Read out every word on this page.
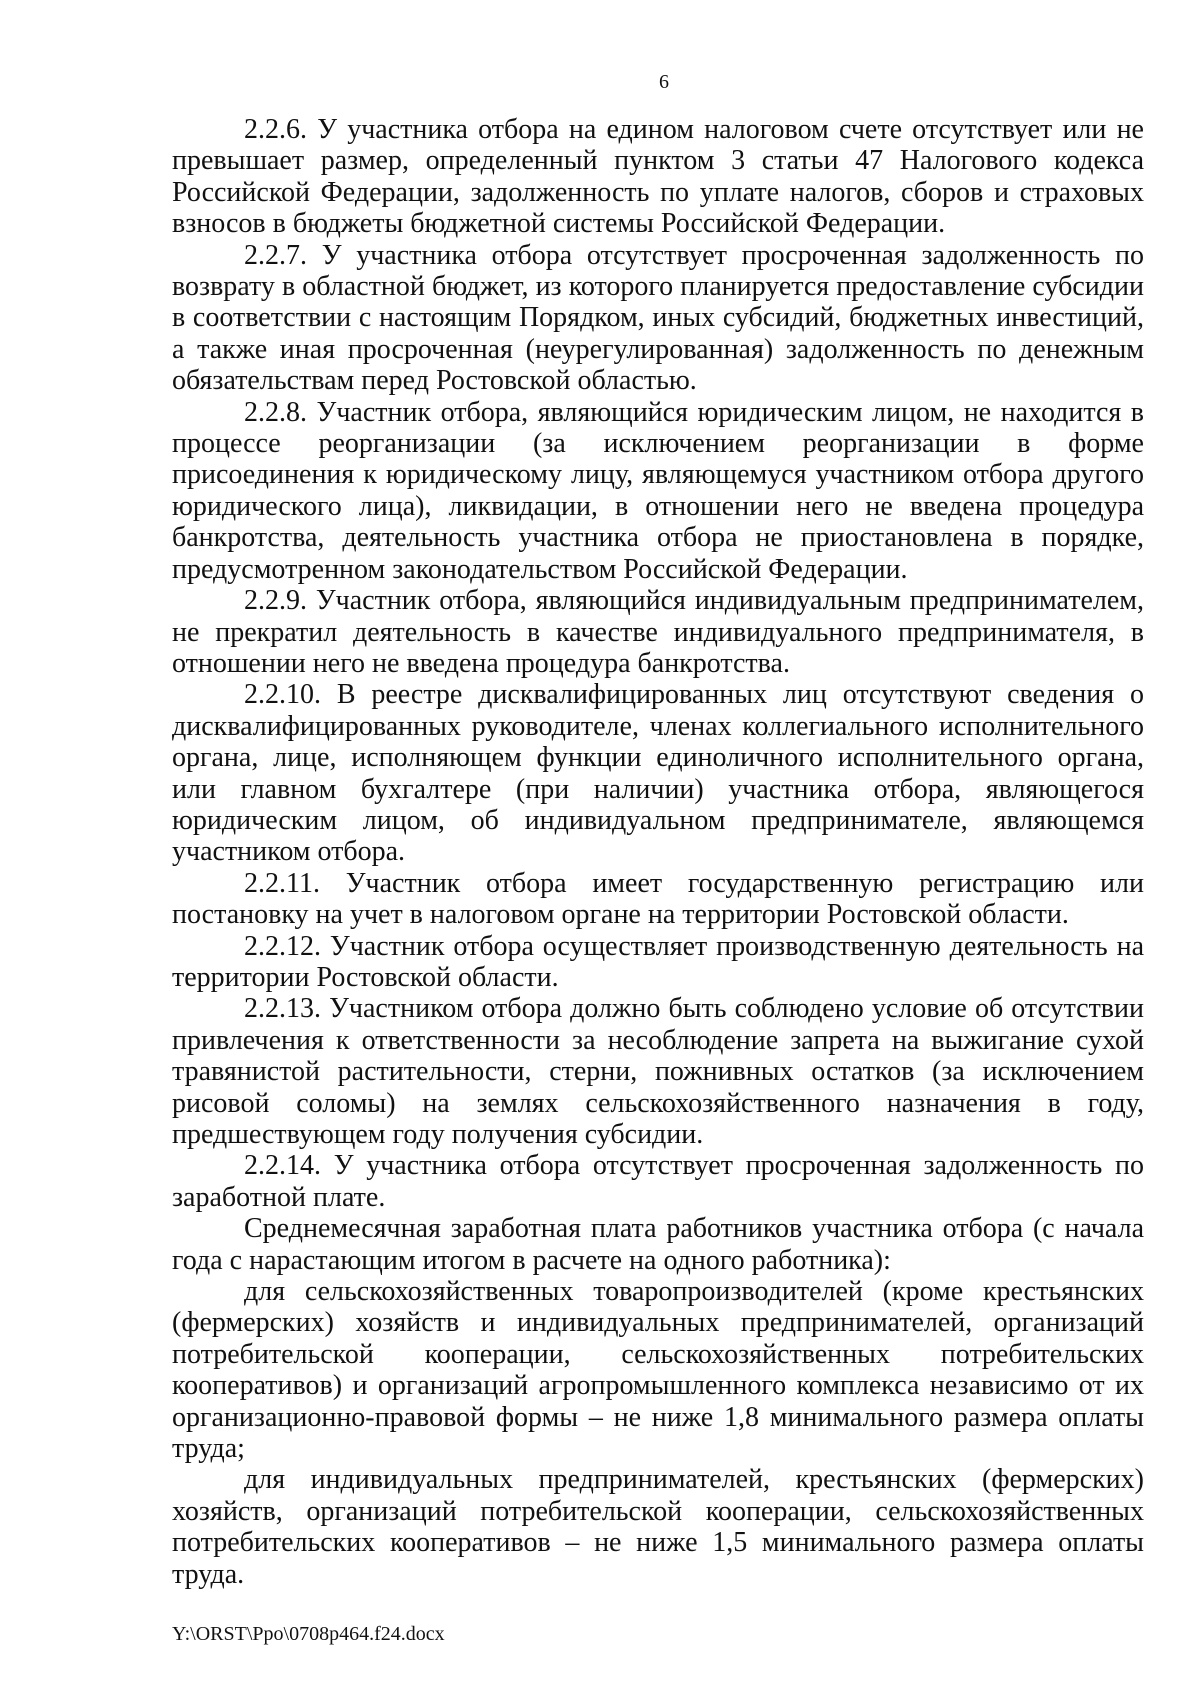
6

2.2.6. У участника отбора на едином налоговом счете отсутствует или не превышает размер, определенный пунктом 3 статьи 47 Налогового кодекса Российской Федерации, задолженность по уплате налогов, сборов и страховых взносов в бюджеты бюджетной системы Российской Федерации.

2.2.7. У участника отбора отсутствует просроченная задолженность по возврату в областной бюджет, из которого планируется предоставление субсидии в соответствии с настоящим Порядком, иных субсидий, бюджетных инвестиций, а также иная просроченная (неурегулированная) задолженность по денежным обязательствам перед Ростовской областью.

2.2.8. Участник отбора, являющийся юридическим лицом, не находится в процессе реорганизации (за исключением реорганизации в форме присоединения к юридическому лицу, являющемуся участником отбора другого юридического лица), ликвидации, в отношении него не введена процедура банкротства, деятельность участника отбора не приостановлена в порядке, предусмотренном законодательством Российской Федерации.

2.2.9. Участник отбора, являющийся индивидуальным предпринимателем, не прекратил деятельность в качестве индивидуального предпринимателя, в отношении него не введена процедура банкротства.

2.2.10. В реестре дисквалифицированных лиц отсутствуют сведения о дисквалифицированных руководителе, членах коллегиального исполнительного органа, лице, исполняющем функции единоличного исполнительного органа, или главном бухгалтере (при наличии) участника отбора, являющегося юридическим лицом, об индивидуальном предпринимателе, являющемся участником отбора.

2.2.11. Участник отбора имеет государственную регистрацию или постановку на учет в налоговом органе на территории Ростовской области.

2.2.12. Участник отбора осуществляет производственную деятельность на территории Ростовской области.

2.2.13. Участником отбора должно быть соблюдено условие об отсутствии привлечения к ответственности за несоблюдение запрета на выжигание сухой травянистой растительности, стерни, пожнивных остатков (за исключением рисовой соломы) на землях сельскохозяйственного назначения в году, предшествующем году получения субсидии.

2.2.14. У участника отбора отсутствует просроченная задолженность по заработной плате.

Среднемесячная заработная плата работников участника отбора (с начала года с нарастающим итогом в расчете на одного работника):

для сельскохозяйственных товаропроизводителей (кроме крестьянских (фермерских) хозяйств и индивидуальных предпринимателей, организаций потребительской кооперации, сельскохозяйственных потребительских кооперативов) и организаций агропромышленного комплекса независимо от их организационно-правовой формы – не ниже 1,8 минимального размера оплаты труда;

для индивидуальных предпринимателей, крестьянских (фермерских) хозяйств, организаций потребительской кооперации, сельскохозяйственных потребительских кооперативов – не ниже 1,5 минимального размера оплаты труда.

Y:\ORST\Ppo\0708p464.f24.docx
